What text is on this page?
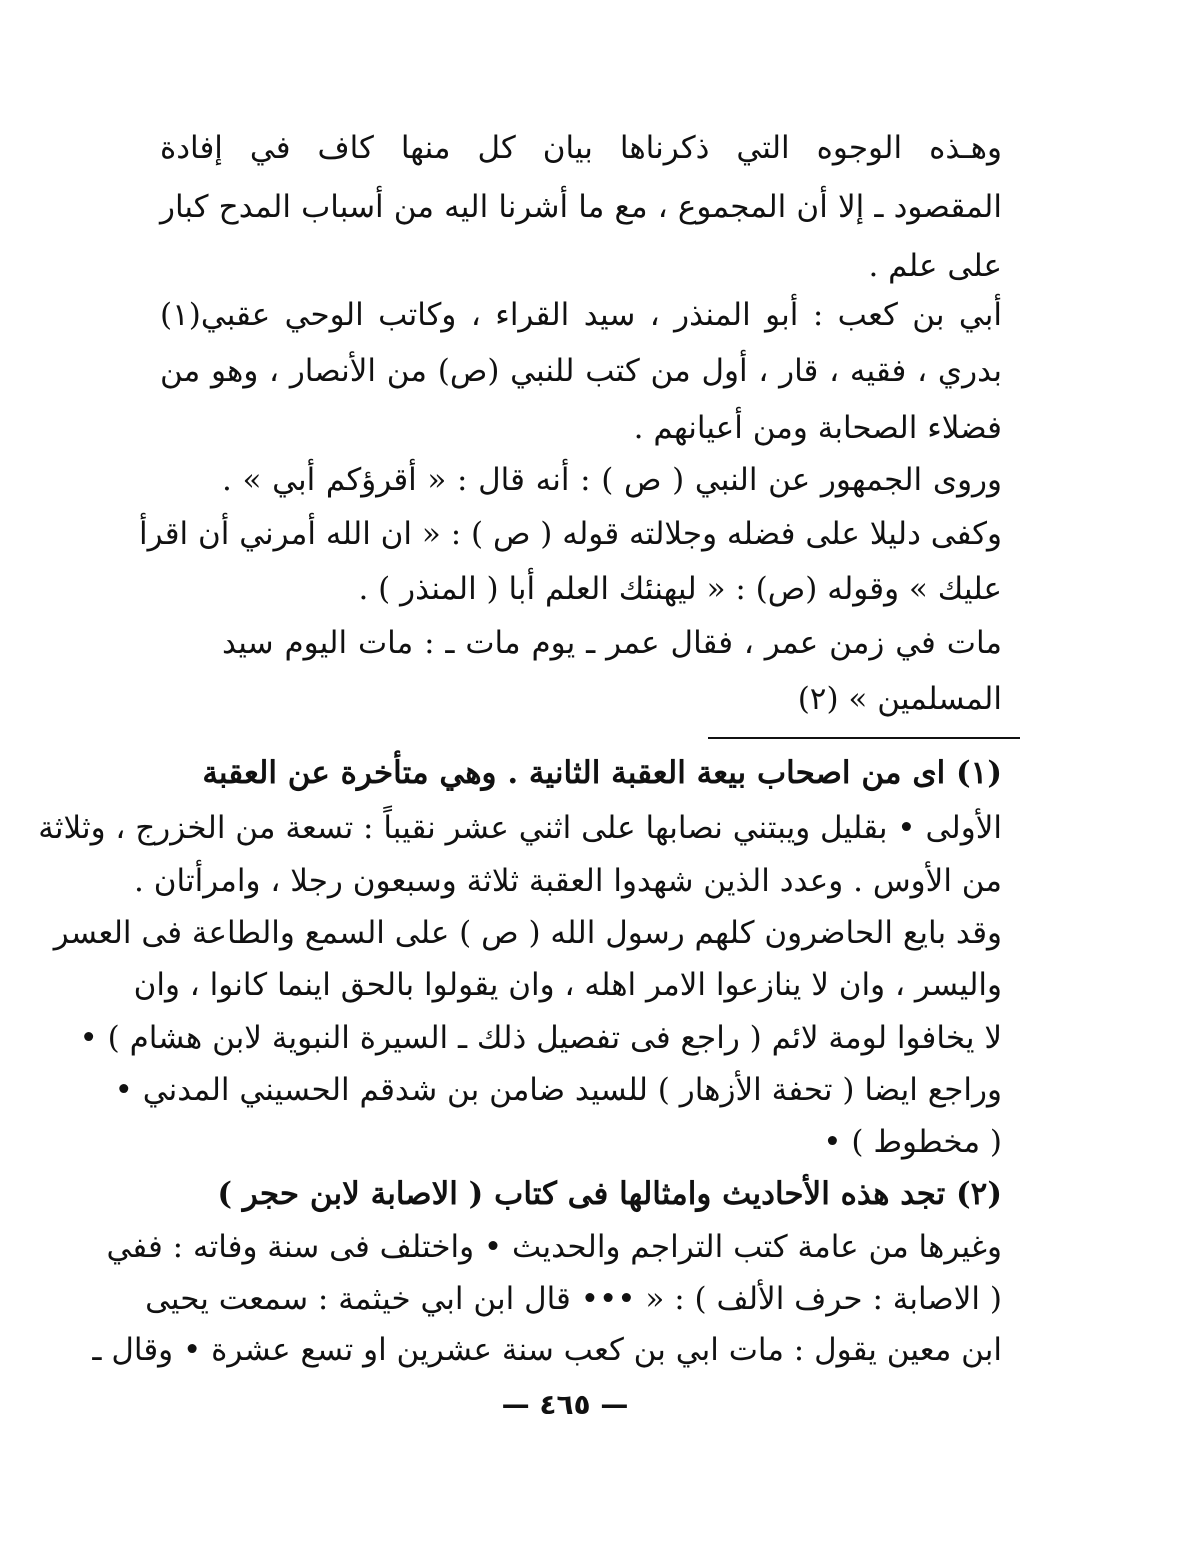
وهـذه الوجوه التي ذكرناها بيان كل منها كاف في إفادة
المقصود ـ إلا أن المجموع ، مع ما أشرنا اليه من أسباب المدح كبار
على علم .
أبي بن كعب : أبو المنذر ، سيد القراء ، وكاتب الوحي عقبي(١)
بدري ، فقيه ، قار ، أول من كتب للنبي (ص) من الأنصار ، وهو من
فضلاء الصحابة ومن أعيانهم .
وروى الجمهور عن النبي ( ص ) : أنه قال : « أقرؤكم أبي » .
وكفى دليلا على فضله وجلالته قوله ( ص ) : « ان الله أمرني أن اقرأ
عليك » وقوله (ص) : « ليهنئك العلم أبا ( المنذر ) .
مات في زمن عمر ، فقال عمر ـ يوم مات ـ : مات اليوم سيد
المسلمين » (٢)
(١) اى من اصحاب بيعة العقبة الثانية . وهي متأخرة عن العقبة
الأولى • بقليل ويبتني نصابها على اثني عشر نقيباً : تسعة من الخزرج ، وثلاثة
من الأوس . وعدد الذين شهدوا العقبة ثلاثة وسبعون رجلا ، وامرأتان .
وقد بايع الحاضرون كلهم رسول الله ( ص ) على السمع والطاعة فى العسر
واليسر ، وان لا ينازعوا الامر اهله ، وان يقولوا بالحق اينما كانوا ، وان
لا يخافوا لومة لائم ( راجع فى تفصيل ذلك ـ السيرة النبوية لابن هشام ) •
وراجع ايضا ( تحفة الأزهار ) للسيد ضامن بن شدقم الحسيني المدني •
( مخطوط ) •
(٢) تجد هذه الأحاديث وامثالها فى كتاب ( الاصابة لابن حجر )
وغيرها من عامة كتب التراجم والحديث • واختلف فى سنة وفاته : ففي
( الاصابة : حرف الألف ) : « ••• قال ابن ابي خيثمة : سمعت يحيى
ابن معين يقول : مات ابي بن كعب سنة عشرين او تسع عشرة • وقال ـ
— ٤٦٥ —
